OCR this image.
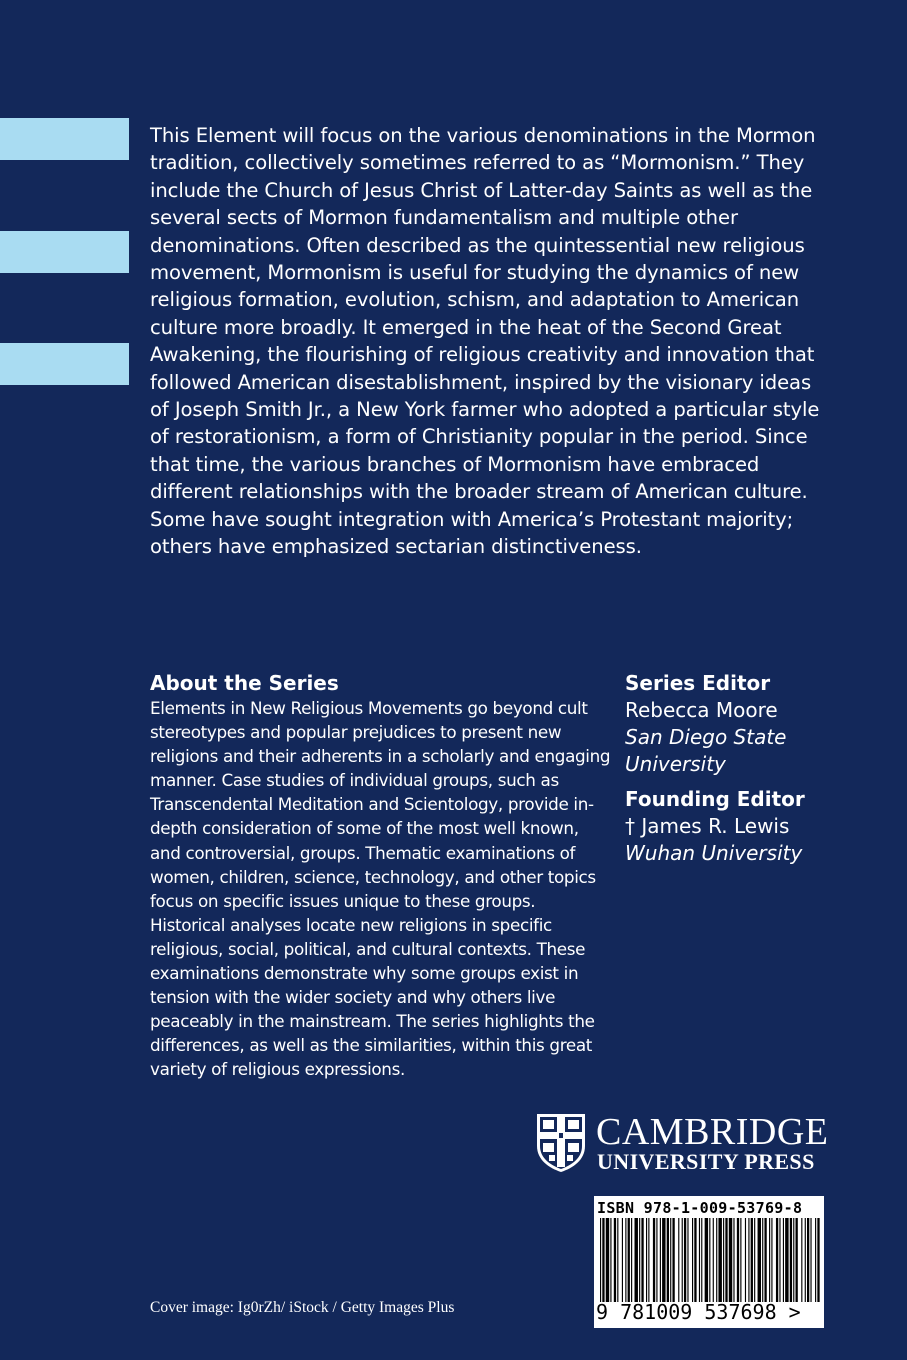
This Element will focus on the various denominations in the Mormon tradition, collectively sometimes referred to as “Mormonism.” They include the Church of Jesus Christ of Latter-day Saints as well as the several sects of Mormon fundamentalism and multiple other denominations. Often described as the quintessential new religious movement, Mormonism is useful for studying the dynamics of new religious formation, evolution, schism, and adaptation to American culture more broadly. It emerged in the heat of the Second Great Awakening, the flourishing of religious creativity and innovation that followed American disestablishment, inspired by the visionary ideas of Joseph Smith Jr., a New York farmer who adopted a particular style of restorationism, a form of Christianity popular in the period. Since that time, the various branches of Mormonism have embraced different relationships with the broader stream of American culture. Some have sought integration with America’s Protestant majority; others have emphasized sectarian distinctiveness.

About the Series

Elements in New Religious Movements go beyond cult stereotypes and popular prejudices to present new religions and their adherents in a scholarly and engaging manner. Case studies of individual groups, such as Transcendental Meditation and Scientology, provide in-depth consideration of some of the most well known, and controversial, groups. Thematic examinations of women, children, science, technology, and other topics focus on specific issues unique to these groups. Historical analyses locate new religions in specific religious, social, political, and cultural contexts. These examinations demonstrate why some groups exist in tension with the wider society and why others live peaceably in the mainstream. The series highlights the differences, as well as the similarities, within this great variety of religious expressions.

Series Editor
Rebecca Moore
San Diego State
University
Founding Editor
† James R. Lewis
Wuhan University
CAMBRIDGE
UNIVERSITY PRESS
ISBN 978-1-009-53769-8
9 781009 537698 >
Cover image: Ig0rZh/ iStock / Getty Images Plus
